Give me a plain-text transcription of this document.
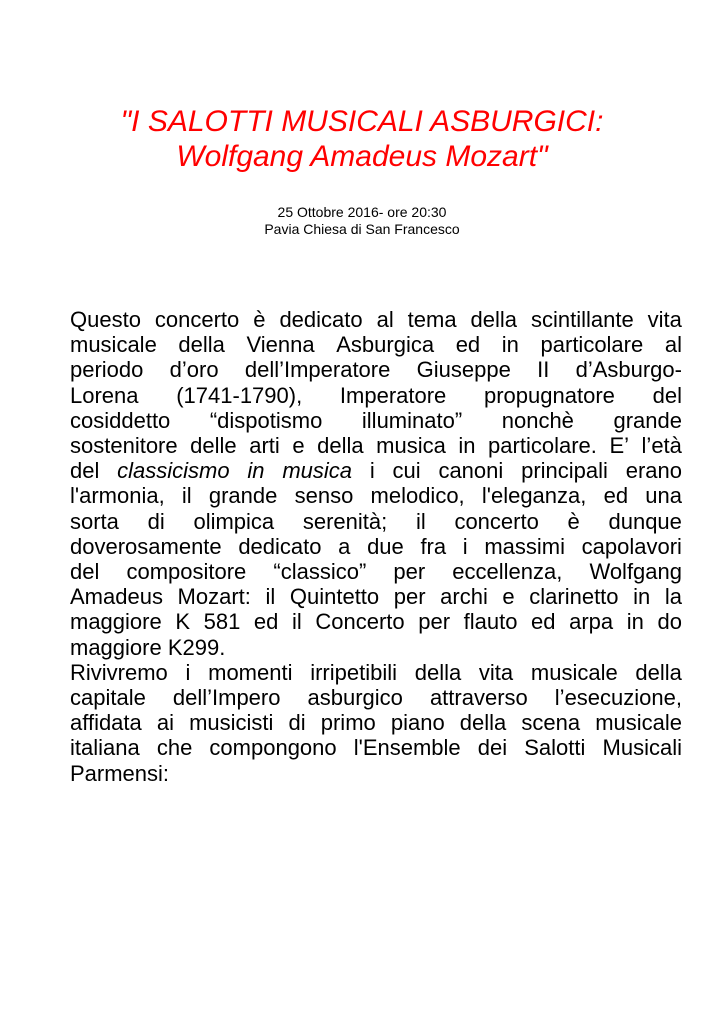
"I SALOTTI MUSICALI ASBURGICI:
Wolfgang Amadeus Mozart"
25 Ottobre 2016- ore 20:30
Pavia Chiesa di San Francesco

Questo concerto è dedicato al tema della scintillante vita
musicale della Vienna Asburgica ed in particolare al
periodo d’oro dell’Imperatore Giuseppe II d’Asburgo-
Lorena (1741-1790), Imperatore propugnatore del
cosiddetto “dispotismo illuminato” nonchè grande
sostenitore delle arti e della musica in particolare. E’ l’età
del classicismo in musica i cui canoni principali erano
l'armonia, il grande senso melodico, l'eleganza, ed una
sorta di olimpica serenità; il concerto è dunque
doverosamente dedicato a due fra i massimi capolavori
del compositore “classico” per eccellenza, Wolfgang
Amadeus Mozart: il Quintetto per archi e clarinetto in la
maggiore K 581 ed il Concerto per flauto ed arpa in do
maggiore K299.

Rivivremo i momenti irripetibili della vita musicale della
capitale dell’Impero asburgico attraverso l’esecuzione,
affidata ai musicisti di primo piano della scena musicale
italiana che compongono l'Ensemble dei Salotti Musicali
Parmensi:
